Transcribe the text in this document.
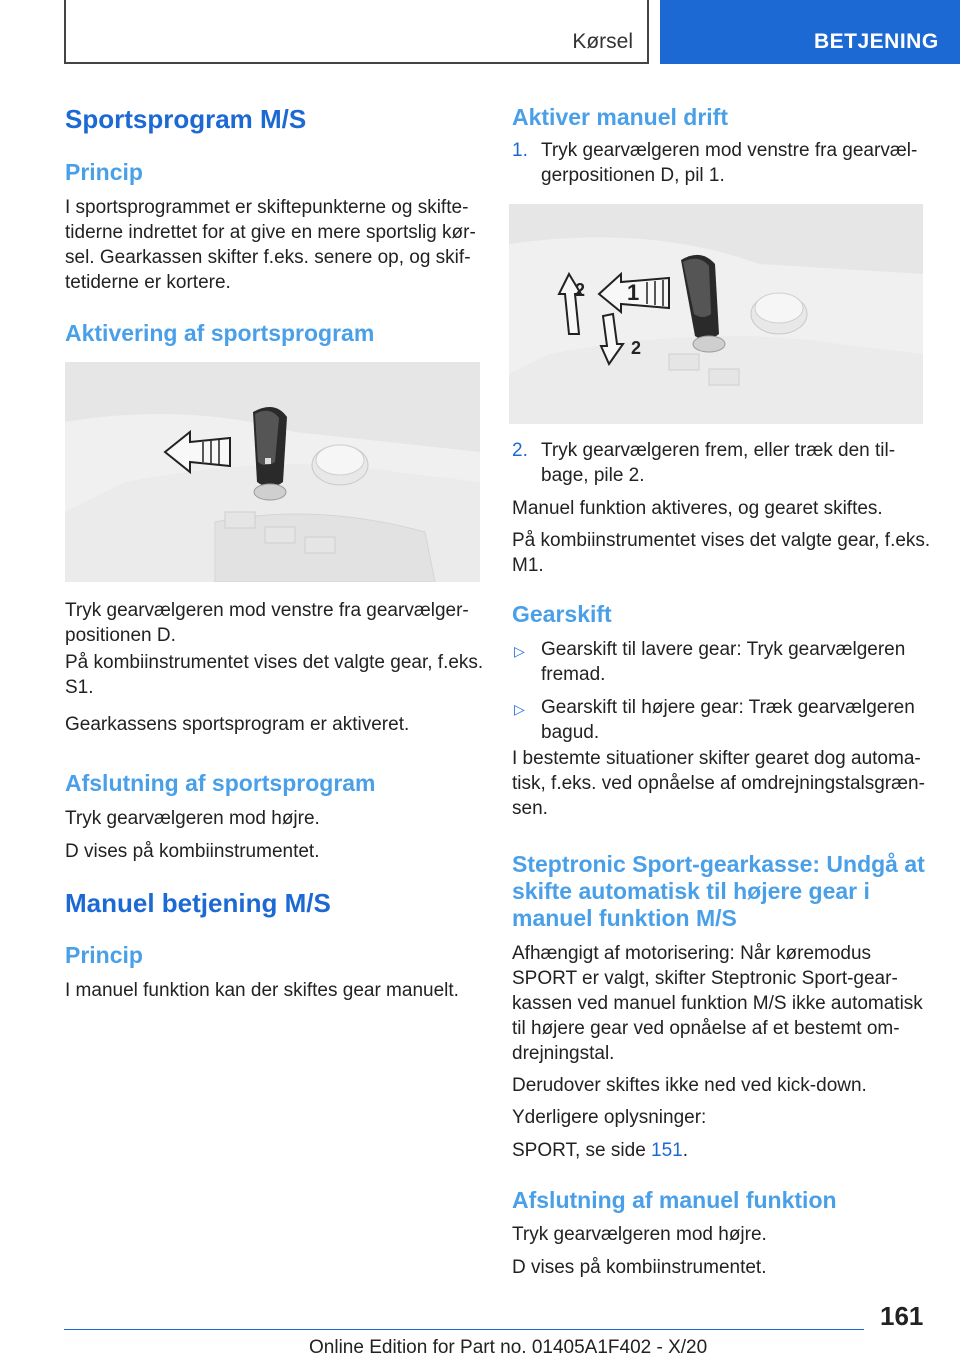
Kørsel	BETJENING
Sportsprogram M/S
Princip

I sportsprogrammet er skiftepunkterne og skiftetiderne indrettet for at give en mere sportslig kørsel. Gearkassen skifter f.eks. senere op, og skiftetiderne er kortere.

Aktivering af sportsprogram

Tryk gearvælgeren mod venstre fra gearvælgerpositionen D.

På kombiinstrumentet vises det valgte gear, f.eks. S1.

Gearkassens sportsprogram er aktiveret.

Afslutning af sportsprogram

Tryk gearvælgeren mod højre.

D vises på kombiinstrumentet.

Manuel betjening M/S
Princip

I manuel funktion kan der skiftes gear manuelt.

Aktiver manuel drift
1. Tryk gearvælgeren mod venstre fra gearvælgerpositionen D, pil 1.

1
2
2
2. Tryk gearvælgeren frem, eller træk den tilbage, pile 2.

Manuel funktion aktiveres, og gearet skiftes.

På kombiinstrumentet vises det valgte gear, f.eks. M1.

Gearskift
▷ Gearskift til lavere gear: Tryk gearvælgeren fremad.

▷ Gearskift til højere gear: Træk gearvælgeren bagud.

I bestemte situationer skifter gearet dog automatisk, f.eks. ved opnåelse af omdrejningstalsgrænsen.

Steptronic Sport-gearkasse: Undgå at skifte automatisk til højere gear i manuel funktion M/S

Afhængigt af motorisering: Når køremodus SPORT er valgt, skifter Steptronic Sport-gearkassen ved manuel funktion M/S ikke automatisk til højere gear ved opnåelse af et bestemt omdrejningstal.

Derudover skiftes ikke ned ved kick-down.

Yderligere oplysninger:

SPORT, se side 151.

Afslutning af manuel funktion

Tryk gearvælgeren mod højre.

D vises på kombiinstrumentet.

161
Online Edition for Part no. 01405A1F402 - X/20
